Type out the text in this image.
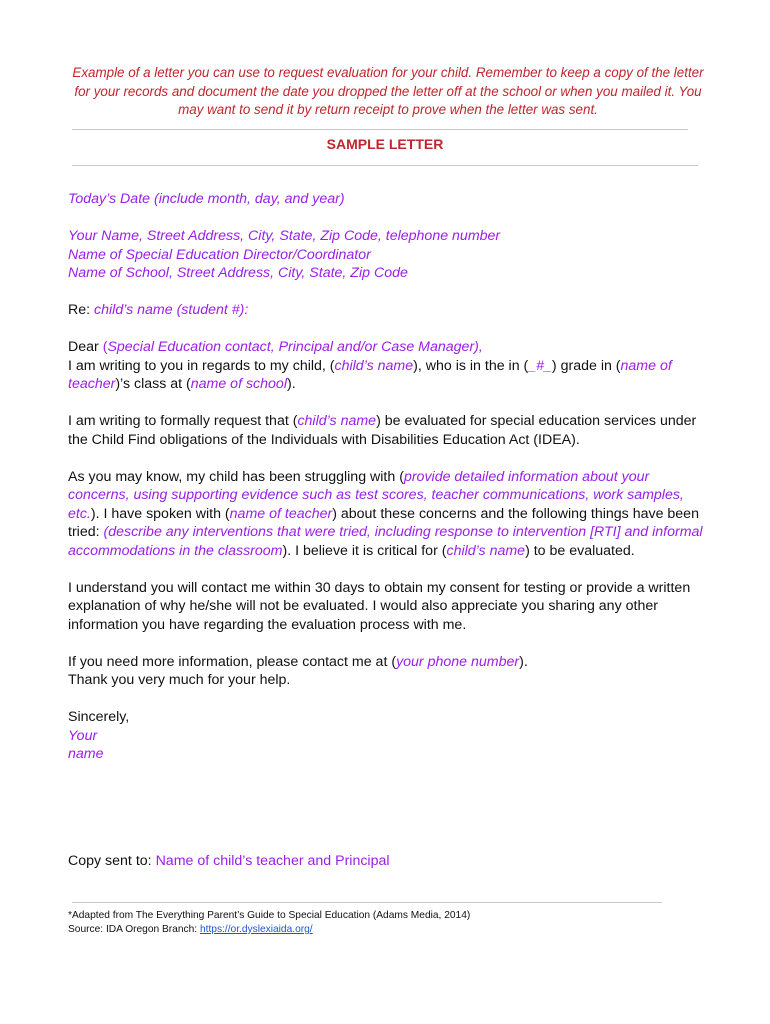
Example of a letter you can use to request evaluation for your child. Remember to keep a copy of the letter for your records and document the date you dropped the letter off at the school or when you mailed it. You may want to send it by return receipt to prove when the letter was sent.
SAMPLE LETTER

Today’s Date (include month, day, and year)

Your Name, Street Address, City, State, Zip Code, telephone number
Name of Special Education Director/Coordinator
Name of School, Street Address, City, State, Zip Code

Re: child’s name (student #):

Dear (Special Education contact, Principal and/or Case Manager),
I am writing to you in regards to my child, (child’s name), who is in the in (_#_) grade in (name of teacher)’s class at (name of school).

I am writing to formally request that (child’s name) be evaluated for special education services under the Child Find obligations of the Individuals with Disabilities Education Act (IDEA).

As you may know, my child has been struggling with (provide detailed information about your concerns, using supporting evidence such as test scores, teacher communications, work samples, etc.). I have spoken with (name of teacher) about these concerns and the following things have been tried: (describe any interventions that were tried, including response to intervention [RTI] and informal accommodations in the classroom). I believe it is critical for (child’s name) to be evaluated.

I understand you will contact me within 30 days to obtain my consent for testing or provide a written explanation of why he/she will not be evaluated. I would also appreciate you sharing any other information you have regarding the evaluation process with me.

If you need more information, please contact me at (your phone number).
Thank you very much for your help.

Sincerely,
Your
name

Copy sent to: Name of child’s teacher and Principal
*Adapted from The Everything Parent’s Guide to Special Education (Adams Media, 2014)
Source: IDA Oregon Branch: https://or.dyslexiaida.org/
